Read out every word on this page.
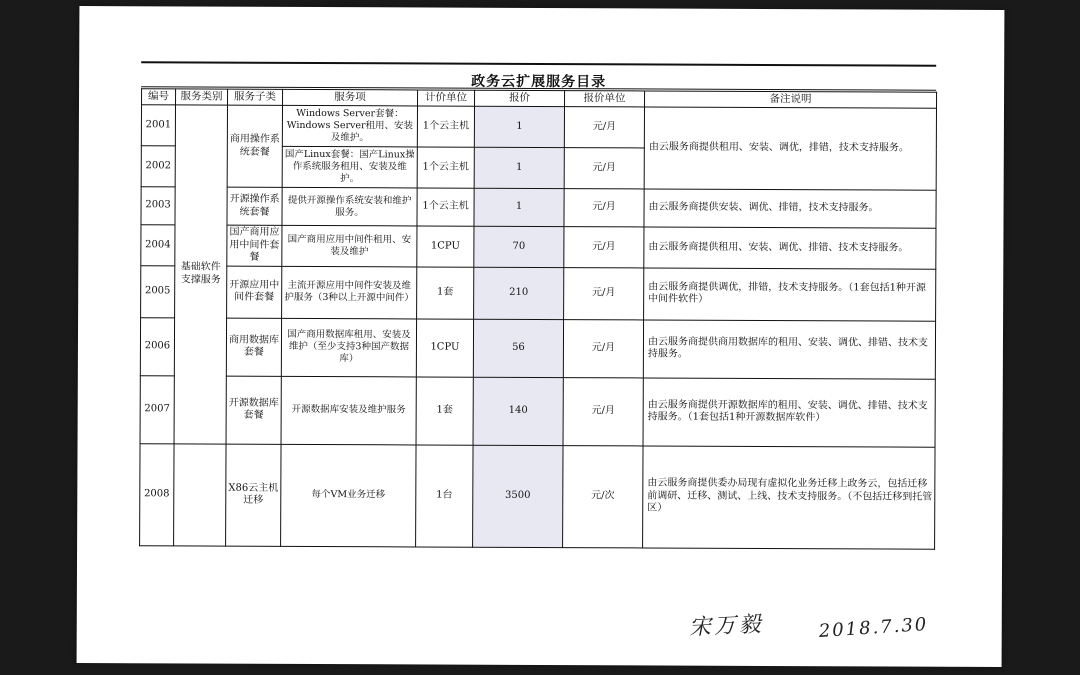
政务云扩展服务目录
编号	服务类别	服务子类	服务项	计价单位	报价	报价单位	备注说明
2001	基础软件支撑服务	商用操作系统套餐	Windows Server套餐：Windows Server租用、安装及维护。	1个云主机	1	元/月	由云服务商提供租用、安装、调优，排错，技术支持服务。
2002			国产Linux套餐：国产Linux操作系统服务租用、安装及维护。	1个云主机	1	元/月	
2003		开源操作系统套餐	提供开源操作系统安装和维护服务。	1个云主机	1	元/月	由云服务商提供安装、调优、排错，技术支持服务。
2004		国产商用应用中间件套餐	国产商用应用中间件租用、安装及维护	1CPU	70	元/月	由云服务商提供租用、安装、调优、排错、技术支持服务。
2005		开源应用中间件套餐	主流开源应用中间件安装及维护服务（3种以上开源中间件）	1套	210	元/月	由云服务商提供调优，排错，技术支持服务。（1套包括1种开源中间件软件）
2006		商用数据库套餐	国产商用数据库租用、安装及维护（至少支持3种国产数据库）	1CPU	56	元/月	由云服务商提供商用数据库的租用、安装、调优、排错、技术支持服务。
2007		开源数据库套餐	开源数据库安装及维护服务	1套	140	元/月	由云服务商提供开源数据库的租用、安装、调优、排错、技术支持服务。（1套包括1种开源数据库软件）
2008		X86云主机迁移	每个VM业务迁移	1台	3500	元/次	由云服务商提供委办局现有虚拟化业务迁移上政务云，包括迁移前调研、迁移、测试、上线、技术支持服务。（不包括迁移到托管区）
宋万毅	2018.7.30
